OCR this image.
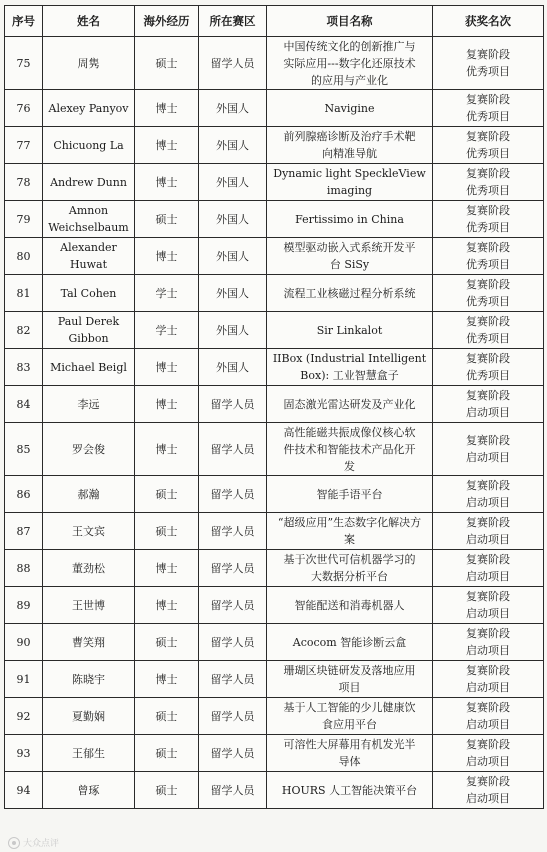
序号	姓名	海外经历	所在赛区	项目名称	获奖名次
75	周隽	硕士	留学人员	中国传统文化的创新推广与
实际应用---数字化还原技术
的应用与产业化	复赛阶段
优秀项目

76	Alexey Panyov	博士	外国人	Navigine	复赛阶段
优秀项目

77	Chicuong La	博士	外国人	前列腺癌诊断及治疗手术靶
向精准导航	复赛阶段
优秀项目

78	Andrew Dunn	博士	外国人	Dynamic light SpeckleView
imaging	复赛阶段
优秀项目

79	Amnon
Weichselbaum	硕士	外国人	Fertissimo in China	复赛阶段
优秀项目

80	Alexander
Huwat	博士	外国人	模型驱动嵌入式系统开发平
台 SiSy	复赛阶段
优秀项目

81	Tal Cohen	学士	外国人	流程工业核磁过程分析系统	复赛阶段
优秀项目

82	Paul Derek
Gibbon	学士	外国人	Sir Linkalot	复赛阶段
优秀项目

83	Michael Beigl	博士	外国人	IIBox (Industrial Intelligent
Box): 工业智慧盒子	复赛阶段
优秀项目

84	李远	博士	留学人员	固态激光雷达研发及产业化	复赛阶段
启动项目

85	罗会俊	博士	留学人员	高性能磁共振成像仪核心软
件技术和智能技术产品化开
发	复赛阶段
启动项目

86	郝瀚	硕士	留学人员	智能手语平台	复赛阶段
启动项目

87	王文宾	硕士	留学人员	“超级应用”生态数字化解决方
案	复赛阶段
启动项目

88	董劲松	博士	留学人员	基于次世代可信机器学习的
大数据分析平台	复赛阶段
启动项目

89	王世博	博士	留学人员	智能配送和消毒机器人	复赛阶段
启动项目

90	曹笑翔	硕士	留学人员	Acocom 智能诊断云盒	复赛阶段
启动项目

91	陈晓宇	博士	留学人员	珊瑚区块链研发及落地应用
项目	复赛阶段
启动项目

92	夏勤娴	硕士	留学人员	基于人工智能的少儿健康饮
食应用平台	复赛阶段
启动项目

93	王郁生	硕士	留学人员	可溶性大屏幕用有机发光半
导体	复赛阶段
启动项目

94	曾琢	硕士	留学人员	HOURS 人工智能决策平台	复赛阶段
启动项目
大众点评
